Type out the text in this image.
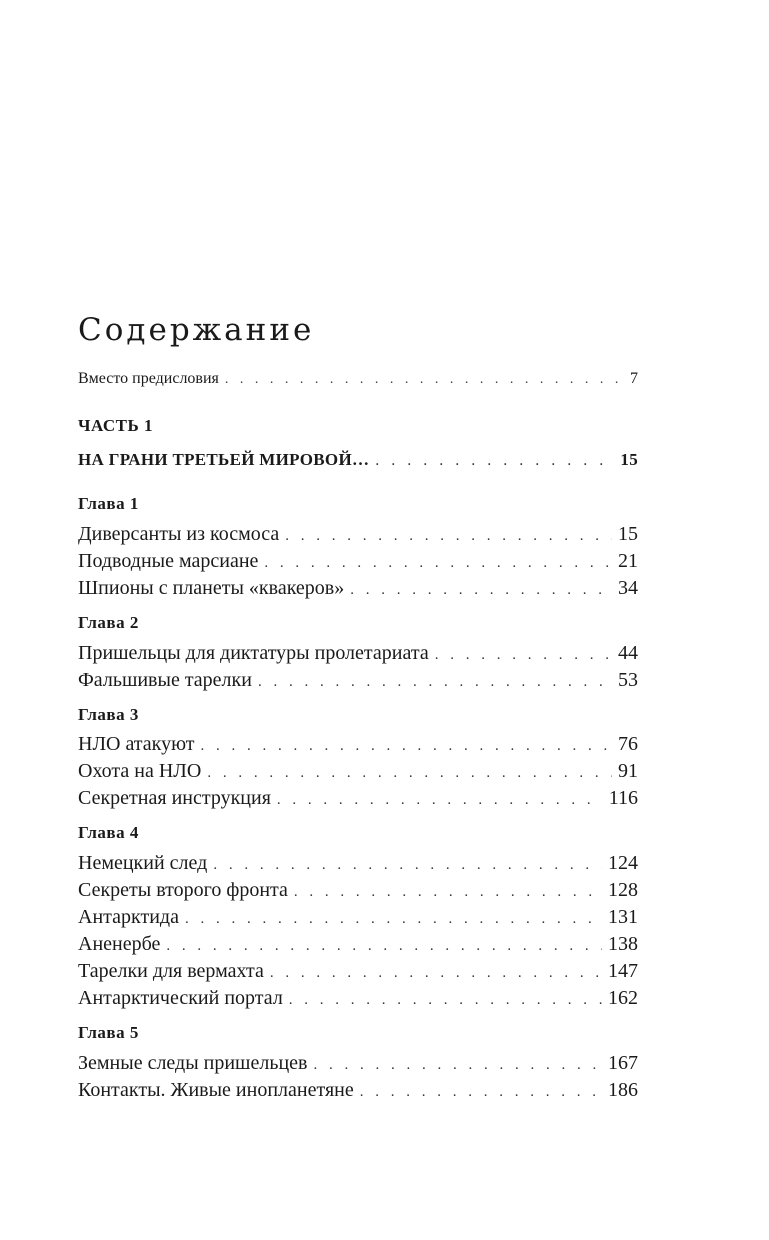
Содержание
Вместо предисловия . . .	7
ЧАСТЬ 1
НА ГРАНИ ТРЕТЬЕЙ МИРОВОЙ… . . .	15
Глава 1
Диверсанты из космоса . . .	15
Подводные марсиане . . .	21
Шпионы с планеты «квакеров» . . .	34
Глава 2
Пришельцы для диктатуры пролетариата . . .	44
Фальшивые тарелки . . .	53
Глава 3
НЛО атакуют . . .	76
Охота на НЛО . . .	91
Секретная инструкция . . .	116
Глава 4
Немецкий след . . .	124
Секреты второго фронта . . .	128
Антарктида . . .	131
Аненербе . . .	138
Тарелки для вермахта . . .	147
Антарктический портал . . .	162
Глава 5
Земные следы пришельцев . . .	167
Контакты. Живые инопланетяне . . .	186
